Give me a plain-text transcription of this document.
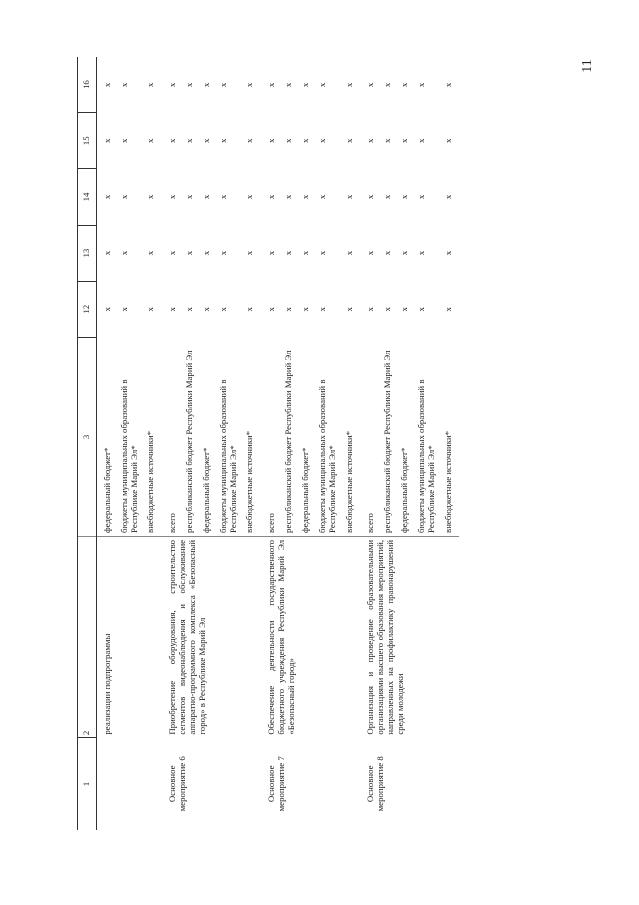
11
1	2	3	12	13	14	15	16
	реализации подпрограммы	федеральный бюджет*	x	x	x	x	x
		бюджеты муниципальных образований в Республике Марий Эл*	x	x	x	x	x
		внебюджетные источники*	x	x	x	x	x
Основное мероприятие 6	Приобретение оборудования, строительство сегментов видеонаблюдения и обслуживание аппаратно-программного комплекса «Безопасный город» в Республике Марий Эл	всего	x	x	x	x	x
		республиканский бюджет Республики Марий Эл	x	x	x	x	x
		федеральный бюджет*	x	x	x	x	x
		бюджеты муниципальных образований в Республике Марий Эл*	x	x	x	x	x
		внебюджетные источники*	x	x	x	x	x
Основное мероприятие 7	Обеспечение деятельности государственного бюджетного учреждения Республики Марий Эл «Безопасный город»	всего	x	x	x	x	x
		республиканский бюджет Республики Марий Эл	x	x	x	x	x
		федеральный бюджет*	x	x	x	x	x
		бюджеты муниципальных образований в Республике Марий Эл*	x	x	x	x	x
		внебюджетные источники*	x	x	x	x	x
Основное мероприятие 8	Организация и проведение образовательными организациями высшего образования мероприятий, направленных на профилактику правонарушений среди молодежи	всего	x	x	x	x	x
		республиканский бюджет Республики Марий Эл	x	x	x	x	x
		федеральный бюджет*	x	x	x	x	x
		бюджеты муниципальных образований в Республике Марий Эл*	x	x	x	x	x
		внебюджетные источники*	x	x	x	x	x
